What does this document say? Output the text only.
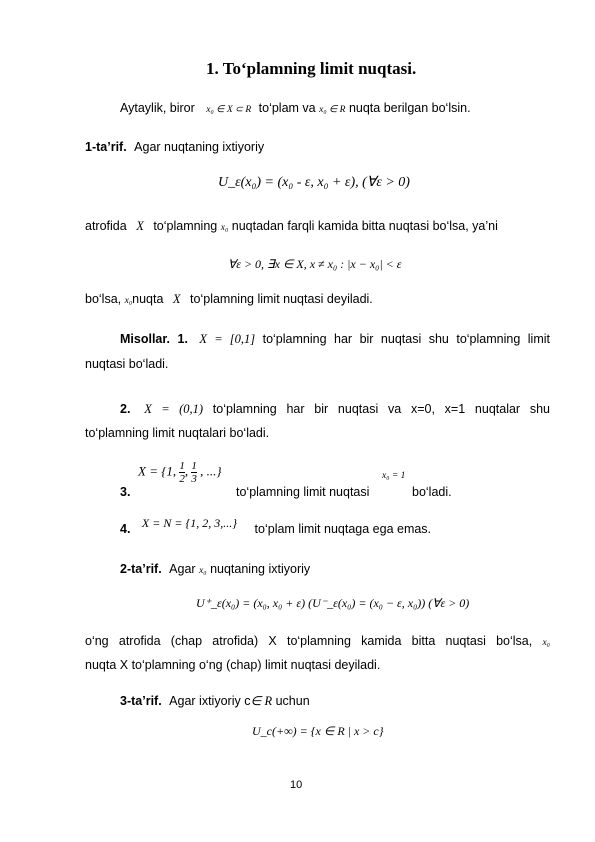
1. To‘plamning limit nuqtasi.
Aytaylik, biror x₀ ∈ X ⊂ R to‘plam va x₀ ∈ R nuqta berilgan bo‘lsin.
1-ta’rif. Agar nuqtaning ixtiyoriy
U_ε(x₀) = (x₀ - ε, x₀ + ε), (∀ε > 0)
atrofida X to‘plamning x₀ nuqtadan farqli kamida bitta nuqtasi bo‘lsa, ya’ni
∀ε > 0, ∃x ∈ X, x ≠ x₀ : |x − x₀| < ε
bo‘lsa, x₀nuqta X to‘plamning limit nuqtasi deyiladi.
Misollar. 1. X = [0,1] to‘plamning har bir nuqtasi shu to‘plamning limit
nuqtasi bo‘ladi.
2. X = (0,1) to‘plamning har bir nuqtasi va x=0, x=1 nuqtalar shu
to‘plamning limit nuqtalari bo‘ladi.
3.
X = {1, $\frac{1}{2}$ , $\frac{1}{3}$ , ...}
to‘plamning limit nuqtasi
x₀ = 1
bo‘ladi.
4. X = N = {1, 2, 3,...} to‘plam limit nuqtaga ega emas.
2-ta’rif. Agar x₀ nuqtaning ixtiyoriy
U⁺_ε(x₀) = (x₀, x₀ + ε) (U⁻_ε(x₀) = (x₀ − ε, x₀)) (∀ε > 0)
o‘ng atrofida (chap atrofida) X to‘plamning kamida bitta nuqtasi bo‘lsa, x₀
nuqta X to‘plamning o‘ng (chap) limit nuqtasi deyiladi.
3-ta’rif. Agar ixtiyoriy c∈ R uchun
U_c(+∞) = {x ∈ R | x > c}
10
